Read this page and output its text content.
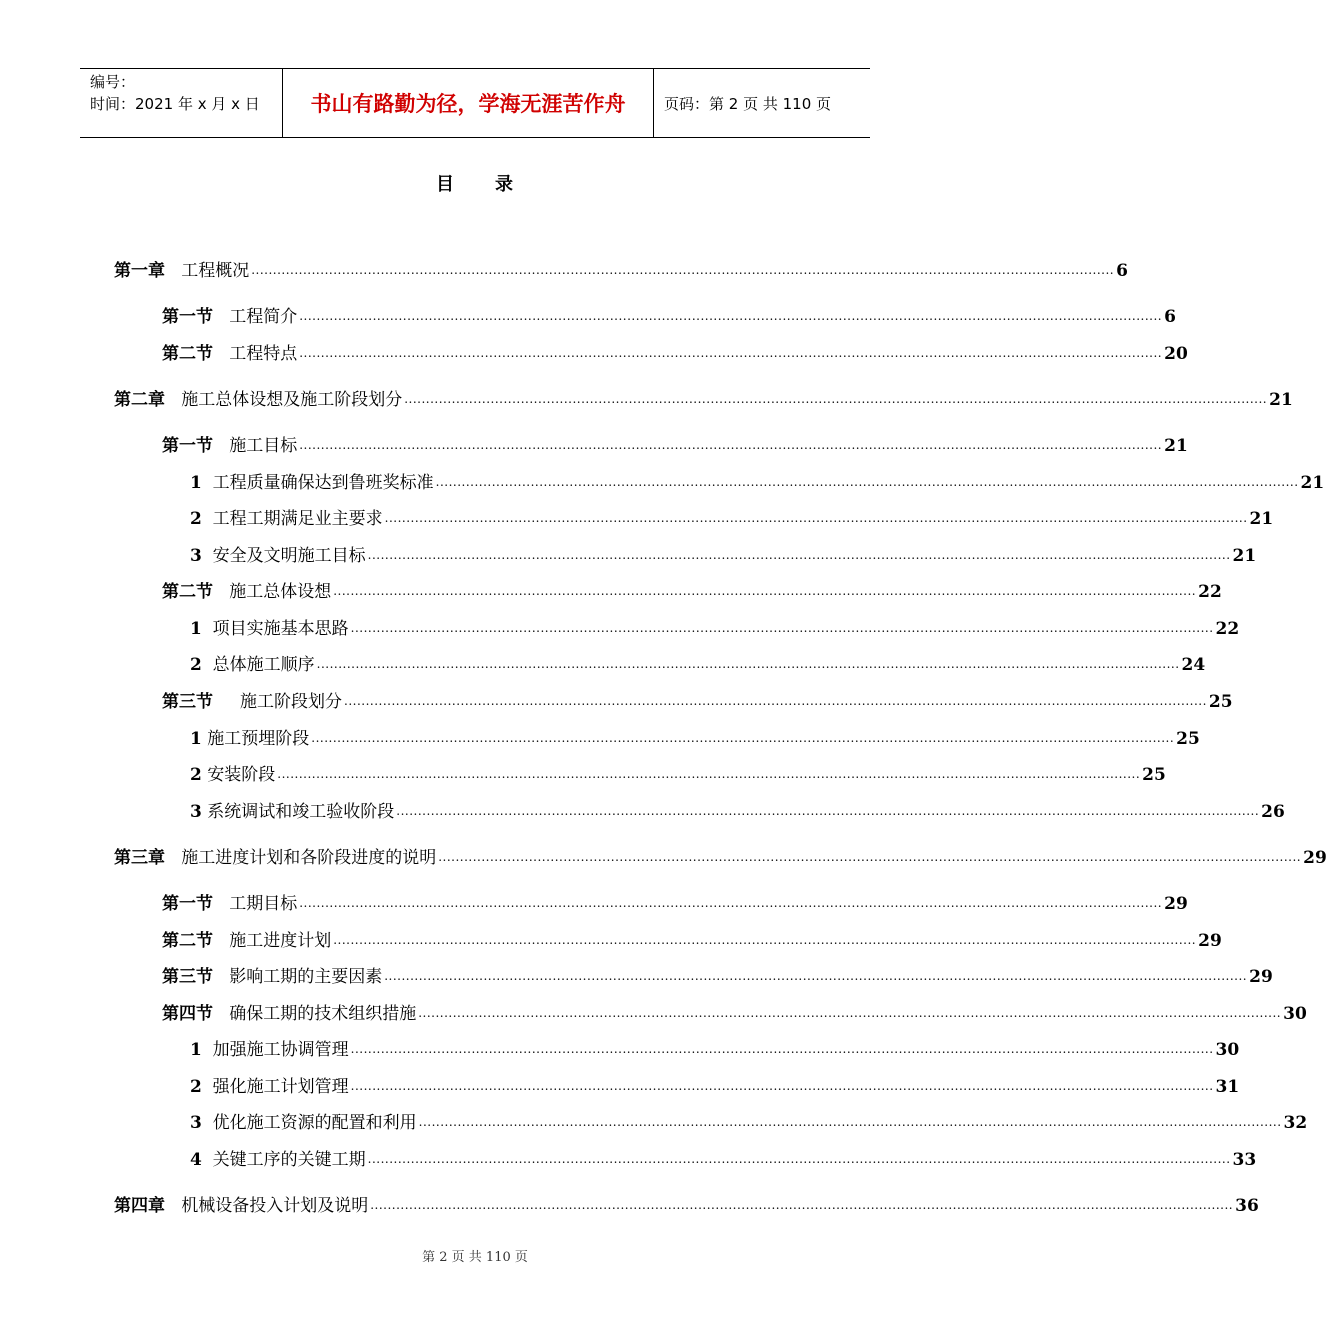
编号：
时间：2021 年 x 月 x 日	书山有路勤为径，学海无涯苦作舟	页码：第 2 页 共 110 页
目 录
第一章 工程概况 ........................................................................................................................................................................................................ 6
第一节 工程简介 ........................................................................................................................................................................................................ 6
第二节 工程特点 ........................................................................................................................................................................................................ 20
第二章 施工总体设想及施工阶段划分 ........................................................................................................................................................................................................ 21
第一节 施工目标 ........................................................................................................................................................................................................ 21
1 工程质量确保达到鲁班奖标准 ........................................................................................................................................................................................................ 21
2 工程工期满足业主要求 ........................................................................................................................................................................................................ 21
3 安全及文明施工目标 ........................................................................................................................................................................................................ 21
第二节 施工总体设想 ........................................................................................................................................................................................................ 22
1 项目实施基本思路 ........................................................................................................................................................................................................ 22
2 总体施工顺序 ........................................................................................................................................................................................................ 24
第三节 施工阶段划分 ........................................................................................................................................................................................................ 25
1 施工预埋阶段 ........................................................................................................................................................................................................ 25
2 安装阶段 ........................................................................................................................................................................................................ 25
3 系统调试和竣工验收阶段 ........................................................................................................................................................................................................ 26
第三章 施工进度计划和各阶段进度的说明 ........................................................................................................................................................................................................ 29
第一节 工期目标 ........................................................................................................................................................................................................ 29
第二节 施工进度计划 ........................................................................................................................................................................................................ 29
第三节 影响工期的主要因素 ........................................................................................................................................................................................................ 29
第四节 确保工期的技术组织措施 ........................................................................................................................................................................................................ 30
1 加强施工协调管理 ........................................................................................................................................................................................................ 30
2 强化施工计划管理 ........................................................................................................................................................................................................ 31
3 优化施工资源的配置和利用 ........................................................................................................................................................................................................ 32
4 关键工序的关键工期 ........................................................................................................................................................................................................ 33
第四章 机械设备投入计划及说明 ........................................................................................................................................................................................................ 36
第 2 页 共 110 页
